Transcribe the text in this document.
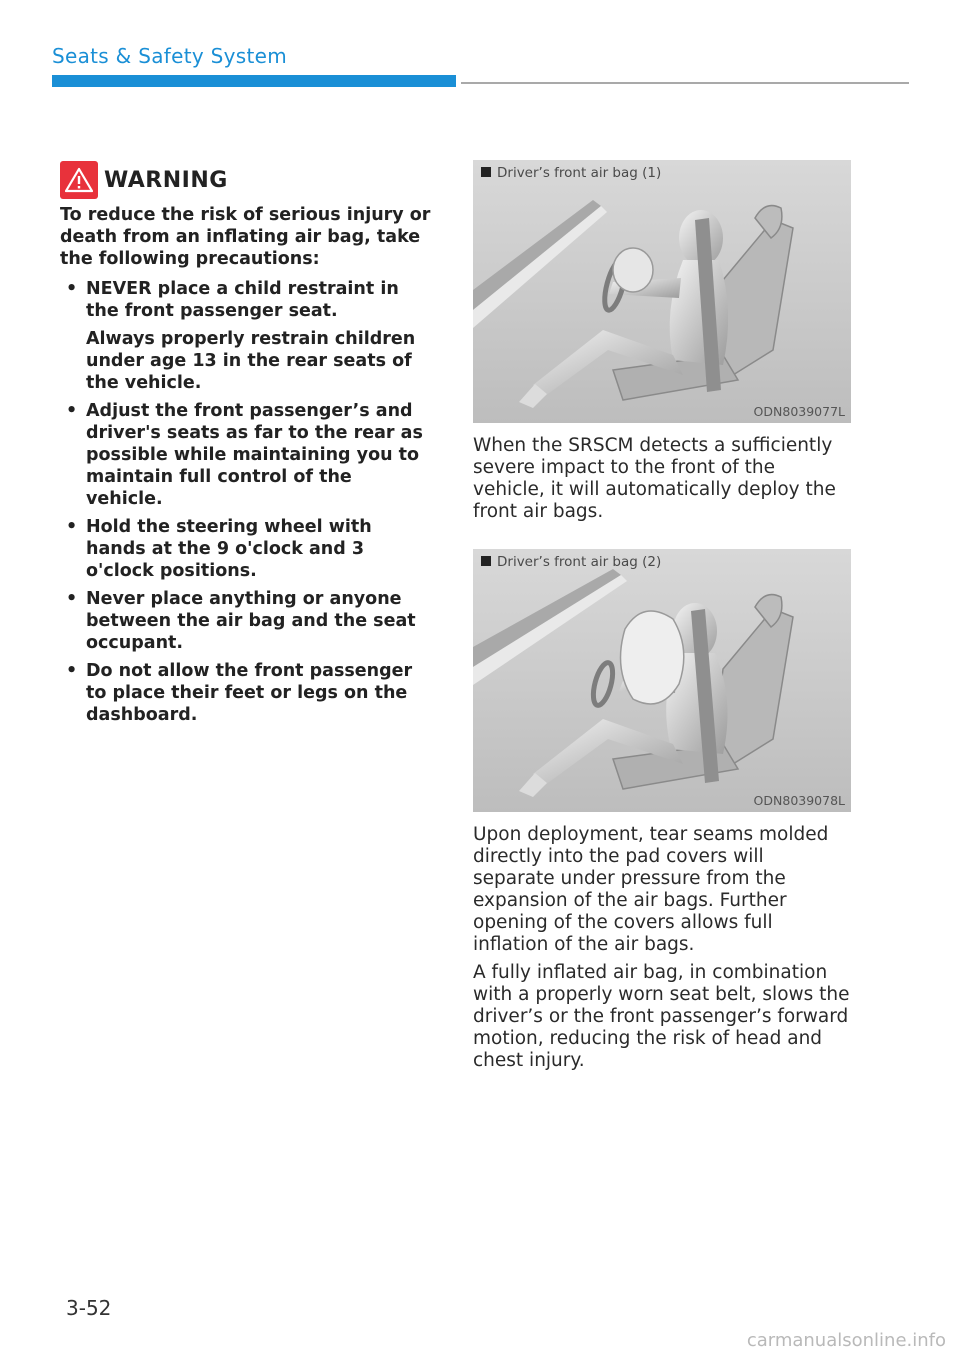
Seats & Safety System
WARNING

To reduce the risk of serious injury or death from an inflating air bag, take the following precautions:

• NEVER place a child restraint in the front passenger seat.
Always properly restrain children under age 13 in the rear seats of the vehicle.
• Adjust the front passenger’s and driver's seats as far to the rear as possible while maintaining you to maintain full control of the vehicle.
• Hold the steering wheel with hands at the 9 o'clock and 3 o'clock positions.
• Never place anything or anyone between the air bag and the seat occupant.
• Do not allow the front passenger to place their feet or legs on the dashboard.
Driver’s front air bag (1)
ODN8039077L

When the SRSCM detects a sufficiently severe impact to the front of the vehicle, it will automatically deploy the front air bags.

Driver’s front air bag (2)
ODN8039078L

Upon deployment, tear seams molded directly into the pad covers will separate under pressure from the expansion of the air bags. Further opening of the covers allows full inflation of the air bags.

A fully inflated air bag, in combination with a properly worn seat belt, slows the driver’s or the front passenger’s forward motion, reducing the risk of head and chest injury.

3-52
carmanualsonline.info
